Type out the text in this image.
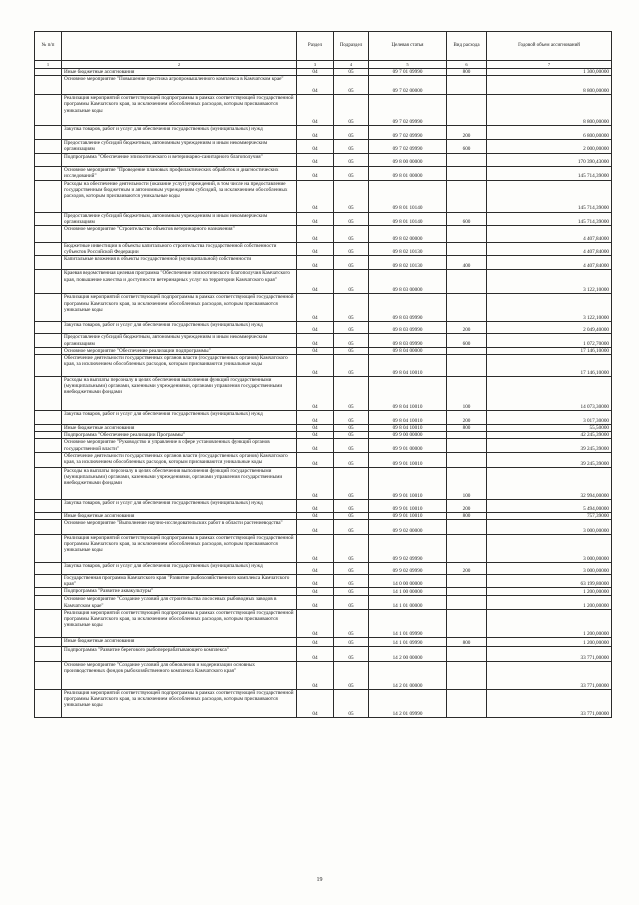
№ п/п		Раздел	Подраздел	Целевая статья	Вид расхода	Годовой объем ассигнований
1	2	3	4	5	6	7
	Иные бюджетные ассигнования	04	05	09 7 01 09990	800	1 300,00000
	Основное мероприятие "Повышение престижа агропромышленного комплекса в Камчатском крае"	04	05	09 7 02 00000		8 800,00000
	Реализация мероприятий соответствующей подпрограммы в рамках соответствующей государственной программы Камчатского края, за исключением обособленных расходов, которым присваиваются уникальные коды	04	05	09 7 02 09990		8 800,00000
	Закупка товаров, работ и услуг для обеспечения государственных (муниципальных) нужд	04	05	09 7 02 09990	200	6 800,00000
	Предоставление субсидий бюджетным, автономным учреждениям и иным некоммерческим организациям	04	05	09 7 02 09990	600	2 000,00000
	Подпрограмма "Обеспечение эпизоотического и ветеринарно-санитарного благополучия"	04	05	09 8 00 00000		170 390,43000
	Основное мероприятие "Проведение плановых профилактических обработок и диагностических исследований"	04	05	09 8 01 00000		145 714,39000
	Расходы на обеспечение деятельности (оказание услуг) учреждений, в том числе на предоставление государственным бюджетным и автономным учреждениям субсидий, за исключением обособленных расходов, которым присваиваются уникальные коды	04	05	09 8 01 10140		145 714,39000
	Предоставление субсидий бюджетным, автономным учреждениям и иным некоммерческим организациям	04	05	09 8 01 10140	600	145 714,39000
	Основное мероприятие "Строительство объектов ветеринарного назначения"	04	05	09 8 02 00000		4 407,84000
	Бюджетные инвестиции в объекты капитального строительства государственной собственности субъектов Российской Федерации	04	05	09 8 02 10130		4 407,84000
	Капитальные вложения в объекты государственной (муниципальной) собственности	04	05	09 8 02 10130	400	4 407,84000
	Краевая ведомственная целевая программа "Обеспечение эпизоотического благополучия Камчатского края, повышение качества и доступности ветеринарных услуг на территории Камчатского края"	04	05	09 8 03 00000		3 122,10000
	Реализация мероприятий соответствующей подпрограммы в рамках соответствующей государственной программы Камчатского края, за исключением обособленных расходов, которым присваиваются уникальные коды	04	05	09 8 03 09990		3 122,10000
	Закупка товаров, работ и услуг для обеспечения государственных (муниципальных) нужд	04	05	09 8 03 09990	200	2 049,40000
	Предоставление субсидий бюджетным, автономным учреждениям и иным некоммерческим организациям	04	05	09 8 03 09990	600	1 072,70000
	Основное мероприятие "Обеспечение реализации подпрограммы"	04	05	09 8 04 00000		17 146,10000
	Обеспечение деятельности государственных органов власти (государственных органов) Камчатского края, за исключением обособленных расходов, которым присваиваются уникальные коды	04	05	09 8 04 10010		17 146,10000
	Расходы на выплаты персоналу в целях обеспечения выполнения функций государственными (муниципальными) органами, казенными учреждениями, органами управления государственными внебюджетными фондами	04	05	09 8 04 10010	100	14 073,30000
	Закупка товаров, работ и услуг для обеспечения государственных (муниципальных) нужд	04	05	09 8 04 10010	200	3 017,30000
	Иные бюджетные ассигнования	04	05	09 8 04 10010	800	55,50000
	Подпрограмма "Обеспечение реализации Программы"	04	05	09 9 00 00000		42 245,39000
	Основное мероприятие "Руководство и управление в сфере установленных функций органов государственной власти"	04	05	09 9 01 00000		39 245,39000
	Обеспечение деятельности государственных органов власти (государственных органов) Камчатского края, за исключением обособленных расходов, которым присваиваются уникальные коды	04	05	09 9 01 10010		39 245,39000
	Расходы на выплаты персоналу в целях обеспечения выполнения функций государственными (муниципальными) органами, казенными учреждениями, органами управления государственными внебюджетными фондами	04	05	09 9 01 10010	100	32 994,00000
	Закупка товаров, работ и услуг для обеспечения государственных (муниципальных) нужд	04	05	09 9 01 10010	200	5 494,00000
	Иные бюджетные ассигнования	04	05	09 9 01 10010	800	757,39000
	Основное мероприятие "Выполнение научно-исследовательских работ в области растениеводства"	04	05	09 9 02 00000		3 000,00000
	Реализация мероприятий соответствующей подпрограммы в рамках соответствующей государственной программы Камчатского края, за исключением обособленных расходов, которым присваиваются уникальные коды	04	05	09 9 02 09990		3 000,00000
	Закупка товаров, работ и услуг для обеспечения государственных (муниципальных) нужд	04	05	09 9 02 09990	200	3 000,00000
	Государственная программа Камчатского края "Развитие рыбохозяйственного комплекса Камчатского края"	04	05	14 0 00 00000		63 199,80000
	Подпрограмма "Развитие аквакультуры"	04	05	14 1 00 00000		1 200,00000
	Основное мероприятие "Создание условий для строительства лососевых рыбоводных заводов в Камчатском крае"	04	05	14 1 01 00000		1 200,00000
	Реализация мероприятий соответствующей подпрограммы в рамках соответствующей государственной программы Камчатского края, за исключением обособленных расходов, которым присваиваются уникальные коды	04	05	14 1 01 09990		1 200,00000
	Иные бюджетные ассигнования	04	05	14 1 01 09990	800	1 200,00000
	Подпрограмма "Развитие берегового рыбоперерабатывающего комплекса"	04	05	14 2 00 00000		33 771,00000
	Основное мероприятие "Создание условий для обновления и модернизации основных производственных фондов рыбохозяйственного комплекса Камчатского края"	04	05	14 2 01 00000		33 771,00000
	Реализация мероприятий соответствующей подпрограммы в рамках соответствующей государственной программы Камчатского края, за исключением обособленных расходов, которым присваиваются уникальные коды	04	05	14 2 01 09990		33 771,00000
19
